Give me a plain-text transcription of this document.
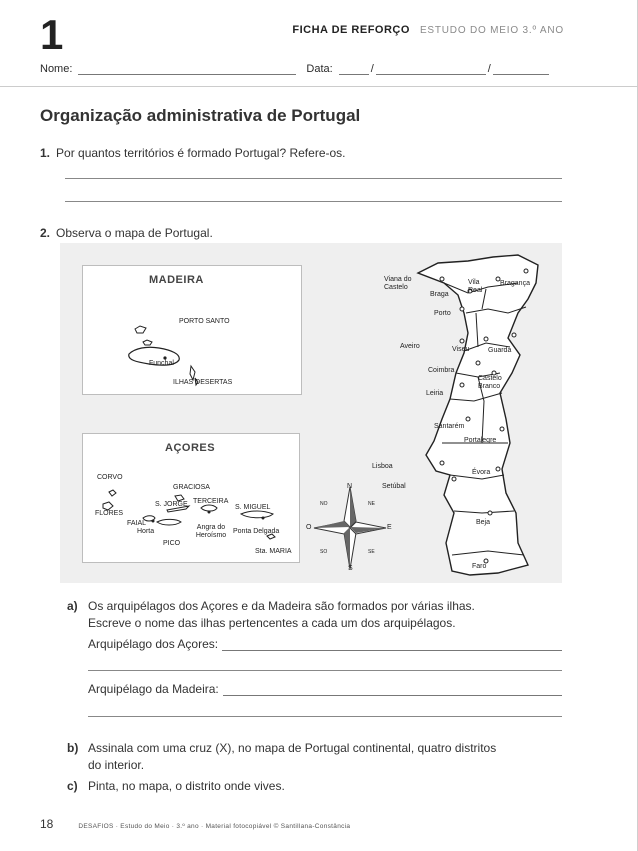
1	FICHA DE REFORÇO ESTUDO DO MEIO 3.º ANO
Nome:	Data:	/	/
Organização administrativa de Portugal
1. Por quantos territórios é formado Portugal? Refere-os.
2. Observa o mapa de Portugal.
MADEIRA
PORTO SANTO
Funchal
ILHAS DESERTAS
AÇORES
CORVO
FLORES
GRACIOSA
S. JORGE TERCEIRA
S. MIGUEL
FAIAL
Horta
Angra do Heroísmo
PICO
Ponta Delgada
Sta. MARIA
N
S
E
O
NE
NO
SE
SO
Viana do Castelo
Braga
Vila Real
Bragança
Porto
Aveiro	Viseu	Guarda
Coimbra
Castelo Branco
Leiria
Santarém
Portalegre
Lisboa
Setúbal
Évora
Beja
Faro
a) Os arquipélagos dos Açores e da Madeira são formados por várias ilhas.
Escreve o nome das ilhas pertencentes a cada um dos arquipélagos.
Arquipélago dos Açores:
Arquipélago da Madeira:
b) Assinala com uma cruz (X), no mapa de Portugal continental, quatro distritos
do interior.
c) Pinta, no mapa, o distrito onde vives.
18	DESAFIOS · Estudo do Meio · 3.º ano · Material fotocopiável © Santillana-Constância
